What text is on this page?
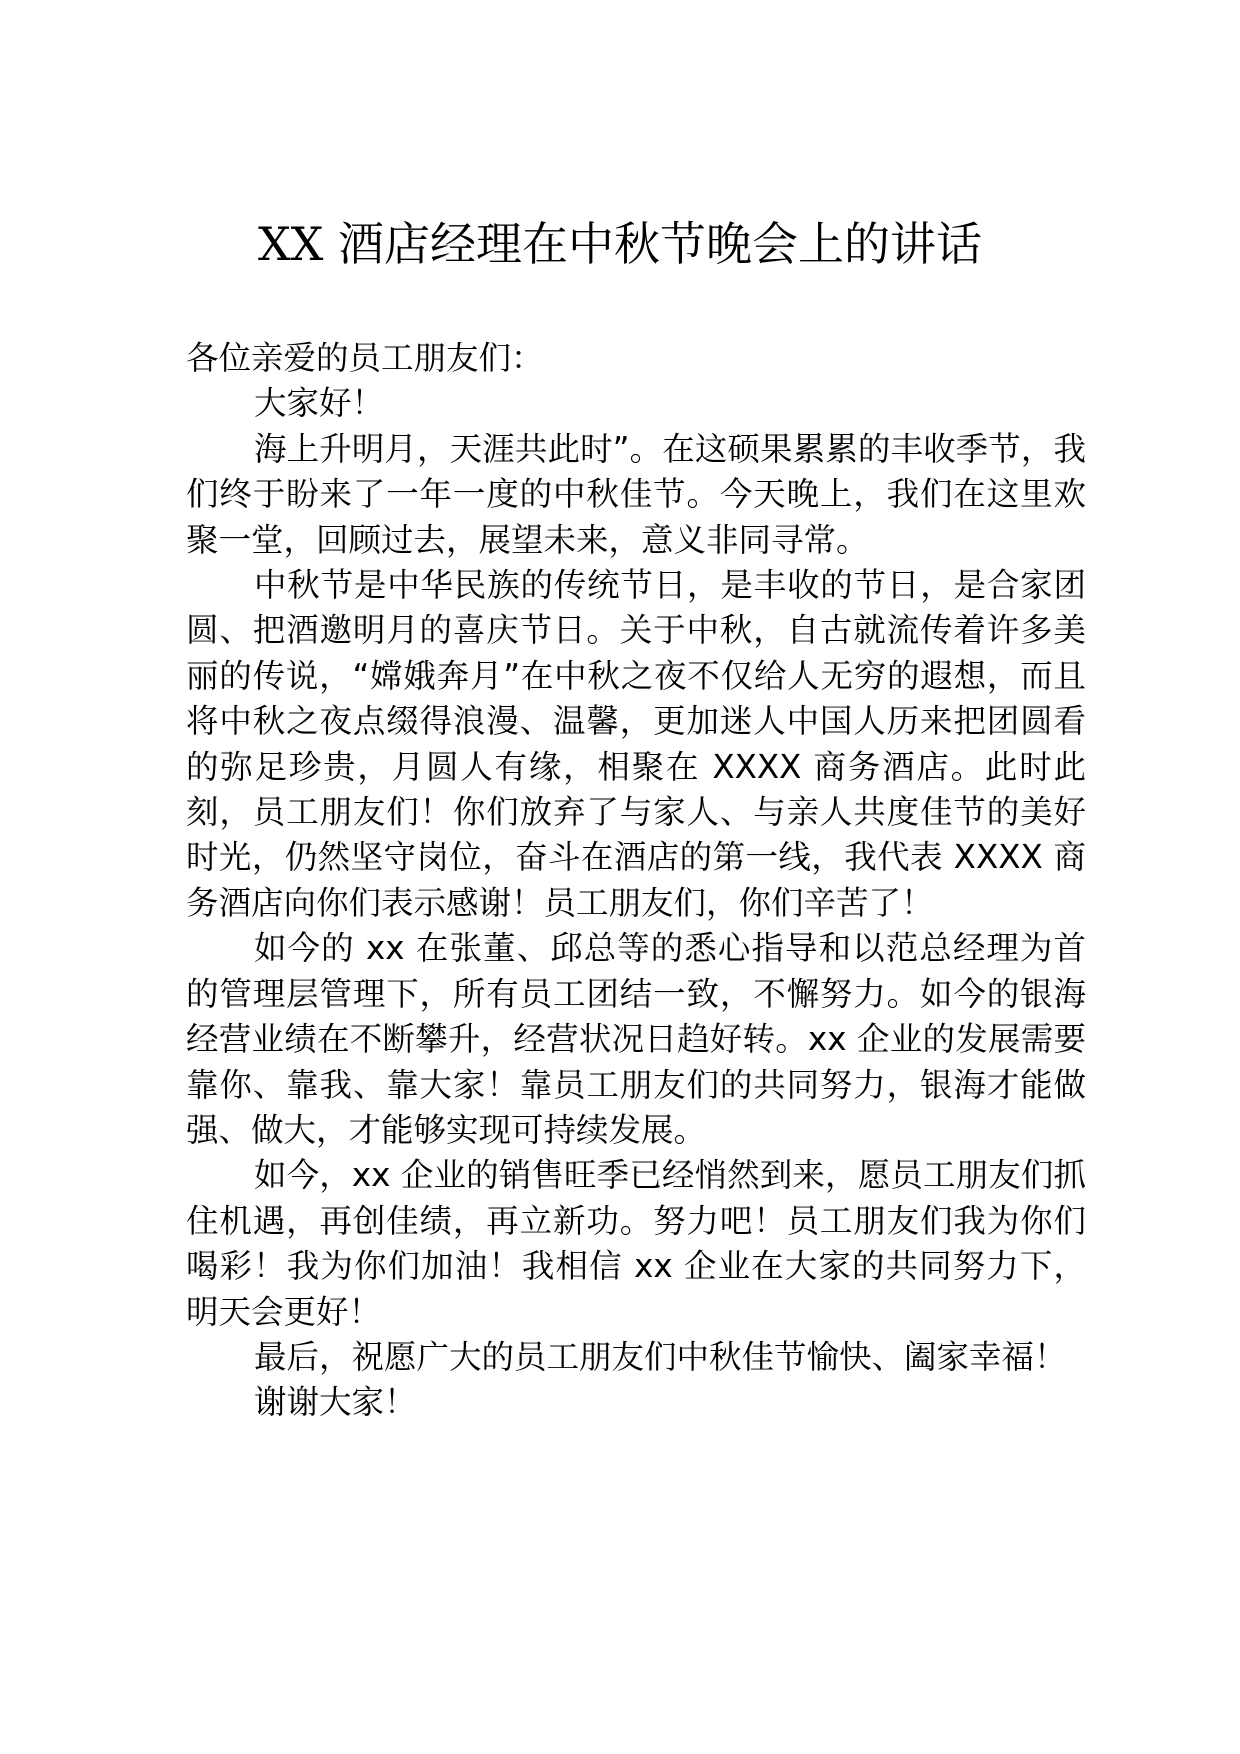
XX 酒店经理在中秋节晚会上的讲话

各位亲爱的员工朋友们：

大家好！

海上升明月，天涯共此时”。在这硕果累累的丰收季节，我们终于盼来了一年一度的中秋佳节。今天晚上，我们在这里欢聚一堂，回顾过去，展望未来，意义非同寻常。

中秋节是中华民族的传统节日，是丰收的节日，是合家团圆、把酒邀明月的喜庆节日。关于中秋，自古就流传着许多美丽的传说，“嫦娥奔月”在中秋之夜不仅给人无穷的遐想，而且将中秋之夜点缀得浪漫、温馨，更加迷人中国人历来把团圆看的弥足珍贵，月圆人有缘，相聚在 XXXX 商务酒店。此时此刻，员工朋友们！你们放弃了与家人、与亲人共度佳节的美好时光，仍然坚守岗位，奋斗在酒店的第一线，我代表 XXXX 商务酒店向你们表示感谢！员工朋友们，你们辛苦了！

如今的 xx 在张董、邱总等的悉心指导和以范总经理为首的管理层管理下，所有员工团结一致，不懈努力。如今的银海经营业绩在不断攀升，经营状况日趋好转。xx 企业的发展需要靠你、靠我、靠大家！靠员工朋友们的共同努力，银海才能做强、做大，才能够实现可持续发展。

如今，xx 企业的销售旺季已经悄然到来，愿员工朋友们抓住机遇，再创佳绩，再立新功。努力吧！员工朋友们我为你们喝彩！我为你们加油！我相信 xx 企业在大家的共同努力下，明天会更好！

最后，祝愿广大的员工朋友们中秋佳节愉快、阖家幸福！

谢谢大家！
